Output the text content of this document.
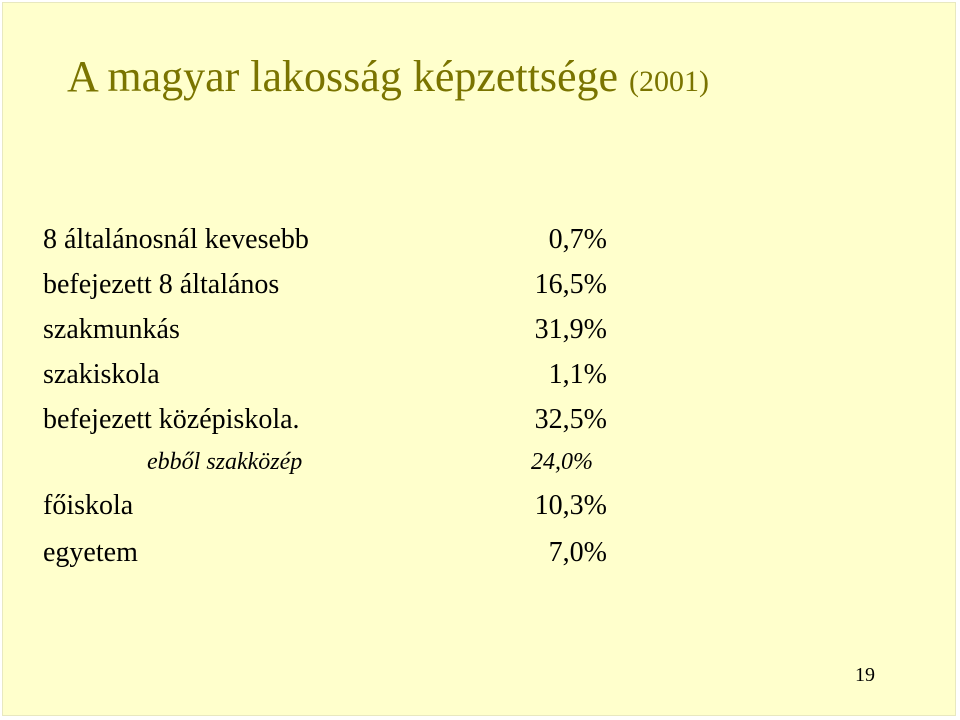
A magyar lakosság képzettsége (2001)
8 általánosnál kevesebb	0,7%
befejezett 8 általános	16,5%
szakmunkás	31,9%
szakiskola	1,1%
befejezett középiskola.	32,5%
ebből szakközép	24,0%
főiskola	10,3%
egyetem	7,0%
19
